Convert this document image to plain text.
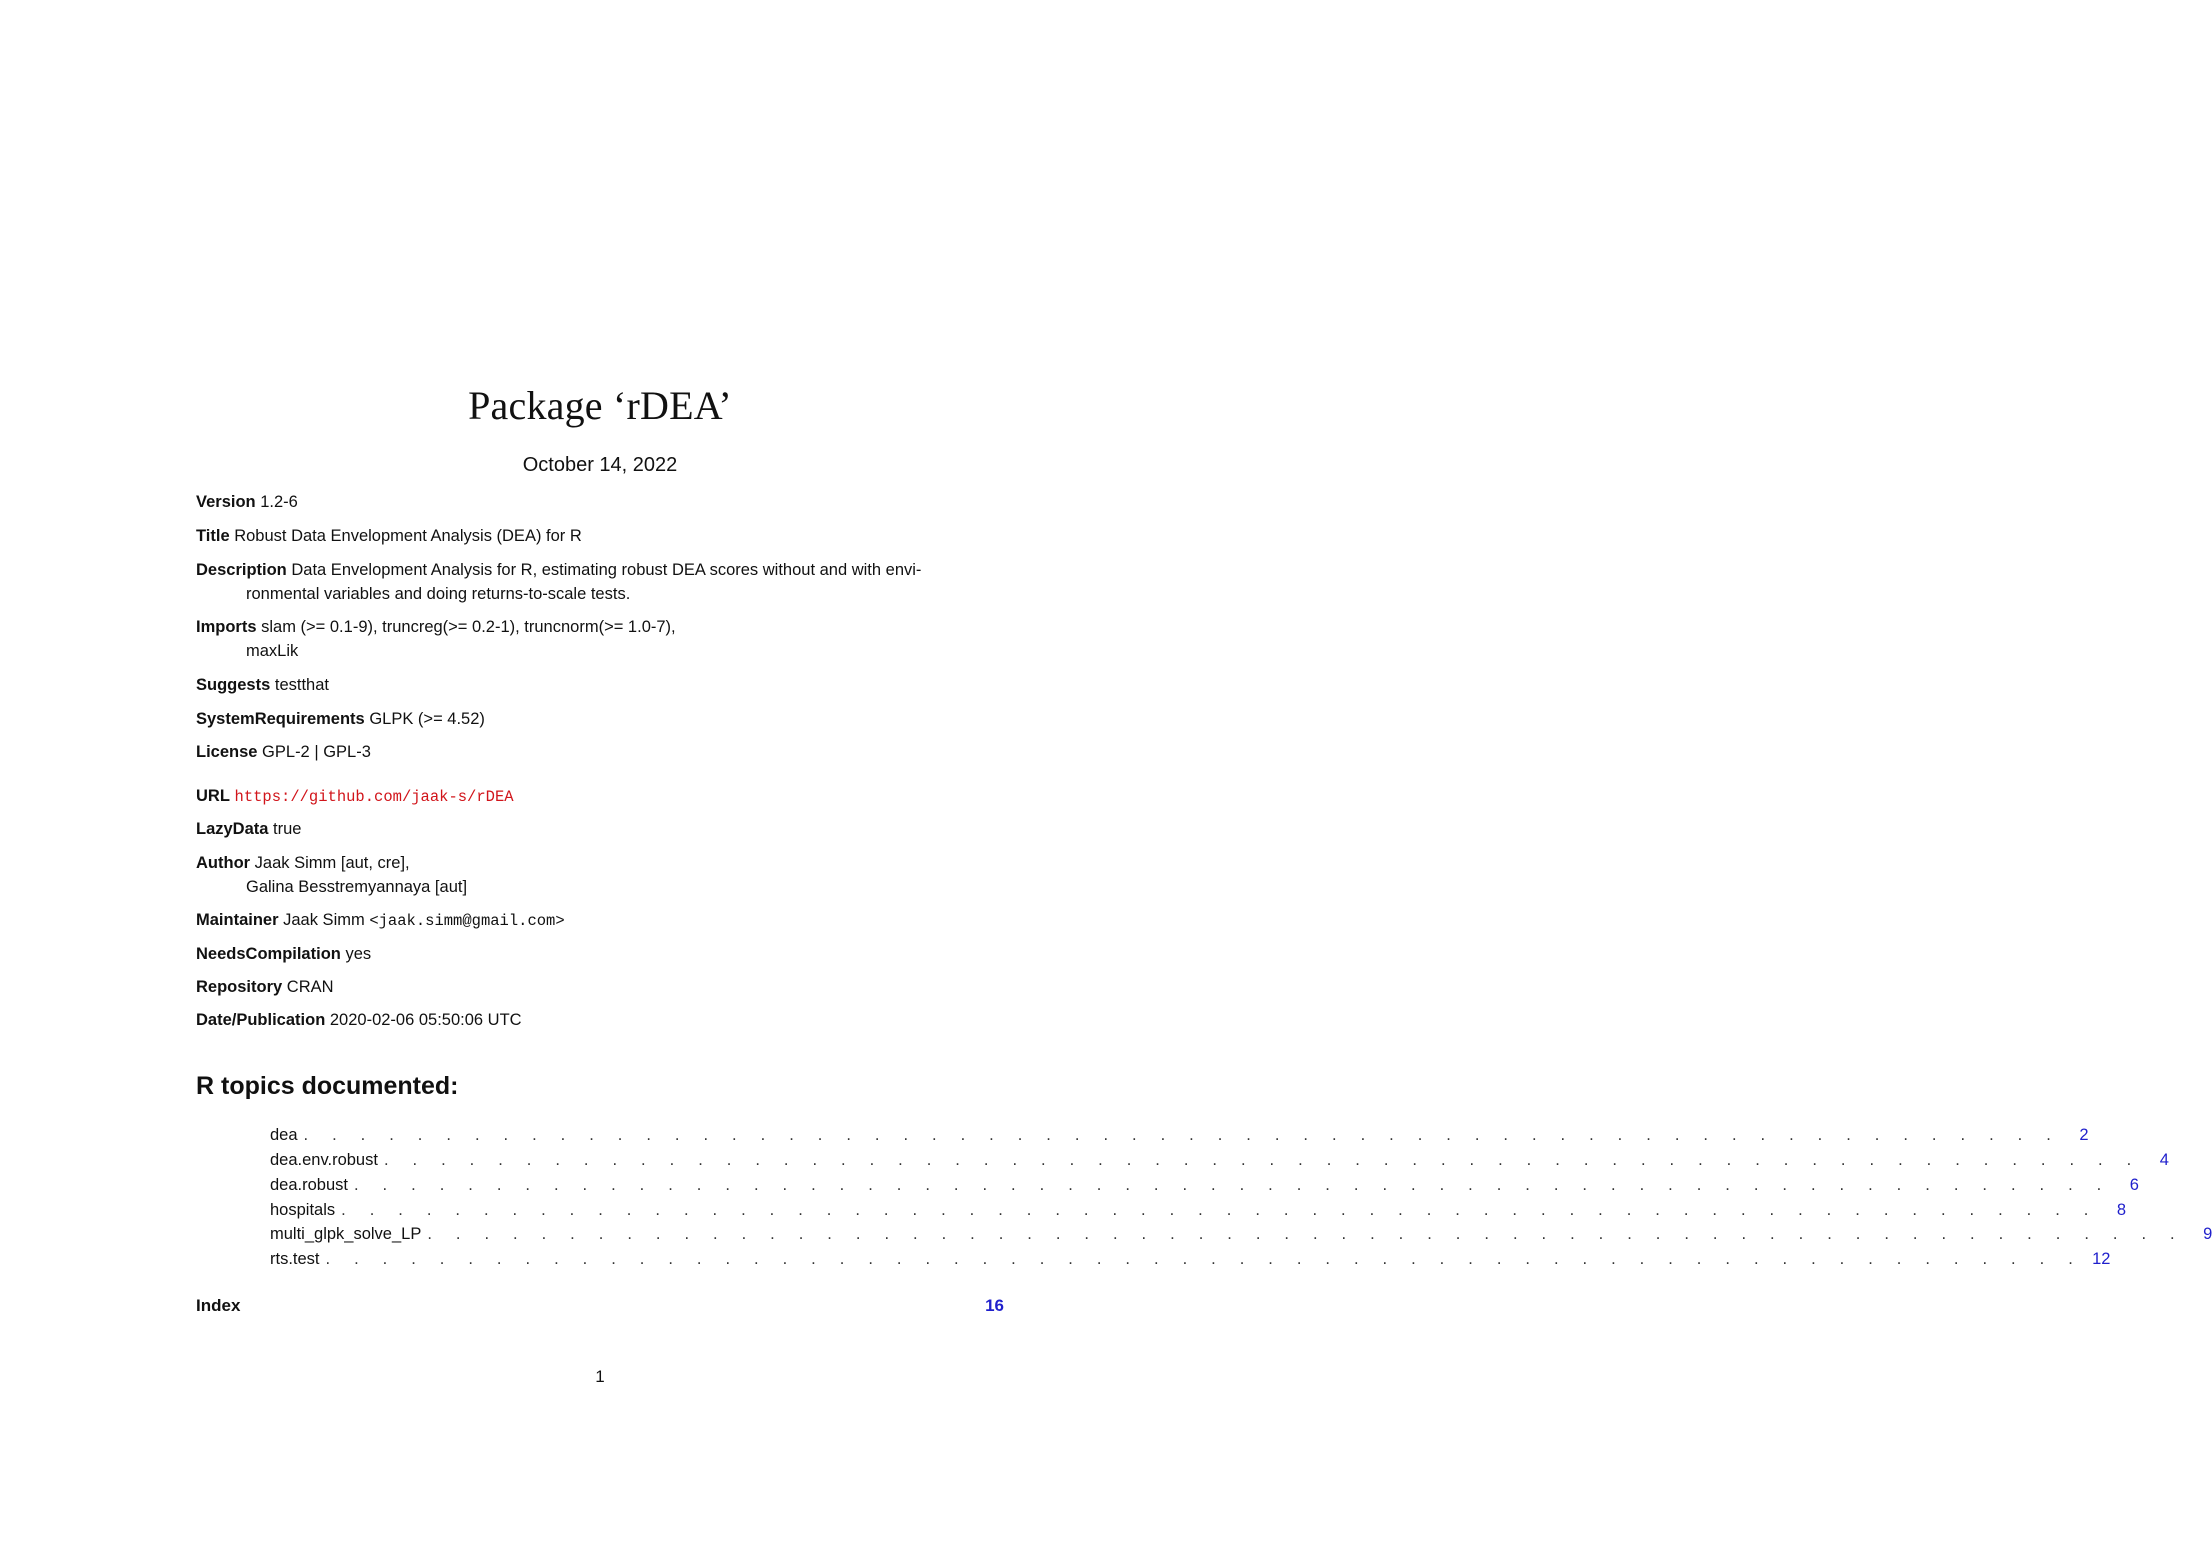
Package ‘rDEA’
October 14, 2022
Version 1.2-6
Title Robust Data Envelopment Analysis (DEA) for R
Description Data Envelopment Analysis for R, estimating robust DEA scores without and with envi-
ronmental variables and doing returns-to-scale tests.
Imports slam (>= 0.1-9), truncreg(>= 0.2-1), truncnorm(>= 1.0-7),
maxLik
Suggests testthat
SystemRequirements GLPK (>= 4.52)
License GPL-2 | GPL-3
URL https://github.com/jaak-s/rDEA
LazyData true
Author Jaak Simm [aut, cre],
Galina Besstremyannaya [aut]
Maintainer Jaak Simm <jaak.simm@gmail.com>
NeedsCompilation yes
Repository CRAN
Date/Publication 2020-02-06 05:50:06 UTC
R topics documented:
dea . . . . . . . . . . . . . . . . . . . . . . . . . . . . . . . . . . . . . . . . . . . . . . . . . . . . . . . . . . . . . .	2
dea.env.robust . . . . . . . . . . . . . . . . . . . . . . . . . . . . . . . . . . . . . . . . . . . . . . . . . . . . . . . . . . . . . .	4
dea.robust . . . . . . . . . . . . . . . . . . . . . . . . . . . . . . . . . . . . . . . . . . . . . . . . . . . . . . . . . . . . . .	6
hospitals . . . . . . . . . . . . . . . . . . . . . . . . . . . . . . . . . . . . . . . . . . . . . . . . . . . . . . . . . . . . . .	8
multi_glpk_solve_LP . . . . . . . . . . . . . . . . . . . . . . . . . . . . . . . . . . . . . . . . . . . . . . . . . . . . . . . . . . . . . .	9
rts.test . . . . . . . . . . . . . . . . . . . . . . . . . . . . . . . . . . . . . . . . . . . . . . . . . . . . . . . . . . . . . . 12
Index	16
1
